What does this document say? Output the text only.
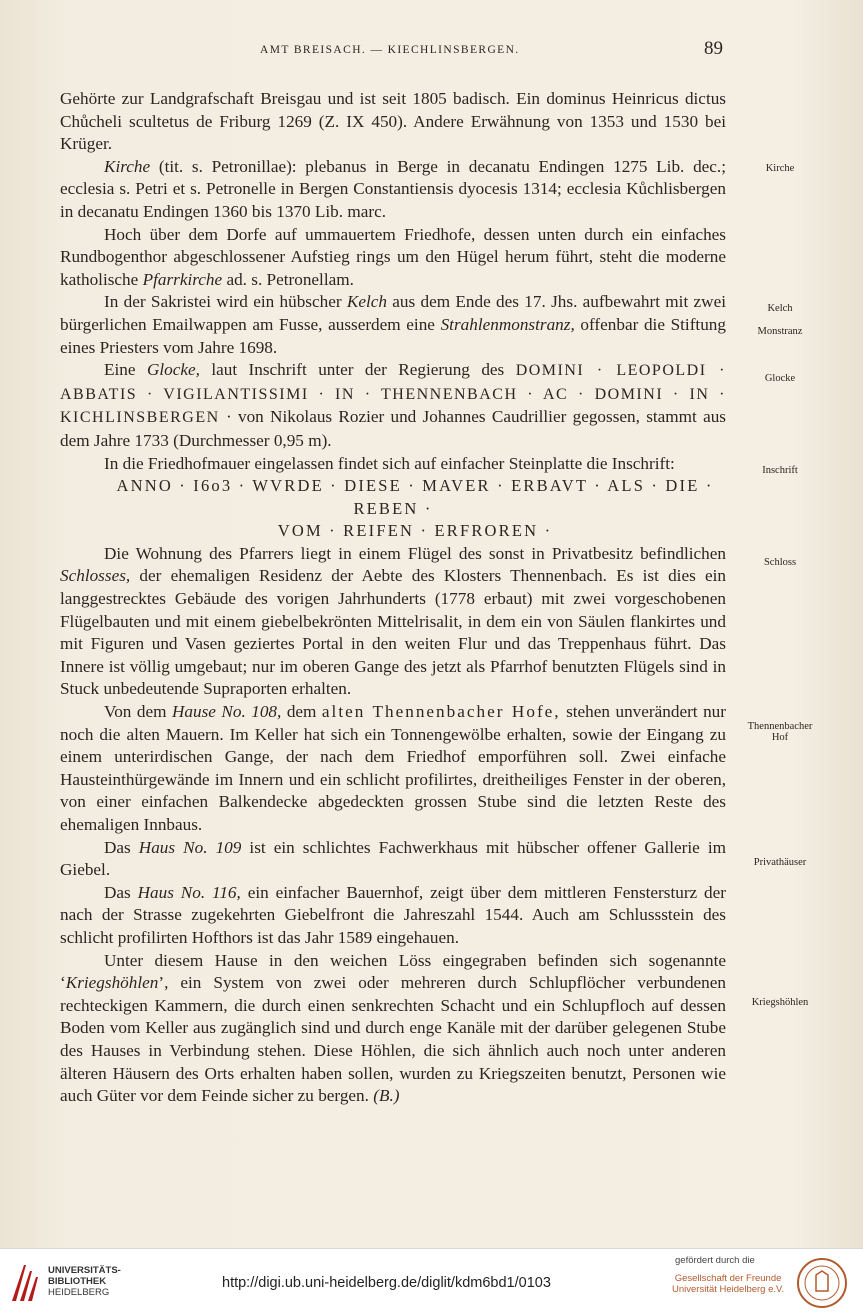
AMT BREISACH. — KIECHLINSBERGEN.	89

Gehörte zur Landgrafschaft Breisgau und ist seit 1805 badisch. Ein dominus Heinricus dictus Chůcheli scultetus de Friburg 1269 (Z. IX 450). Andere Erwähnung von 1353 und 1530 bei Krüger.

Kirche (tit. s. Petronillae): plebanus in Berge in decanatu Endingen 1275 Lib. dec.; ecclesia s. Petri et s. Petronelle in Bergen Constantiensis dyocesis 1314; ecclesia Kůchlisbergen in decanatu Endingen 1360 bis 1370 Lib. marc.

Hoch über dem Dorfe auf ummauertem Friedhofe, dessen unten durch ein einfaches Rundbogenthor abgeschlossener Aufstieg rings um den Hügel herum führt, steht die moderne katholische Pfarrkirche ad. s. Petronellam.

In der Sakristei wird ein hübscher Kelch aus dem Ende des 17. Jhs. aufbewahrt mit zwei bürgerlichen Emailwappen am Fusse, ausserdem eine Strahlenmonstranz, offenbar die Stiftung eines Priesters vom Jahre 1698.

Eine Glocke, laut Inschrift unter der Regierung des DOMINI · LEOPOLDI · ABBATIS · VIGILANTISSIMI · IN · THENNENBACH · AC · DOMINI · IN · KICHLINSBERGEN · von Nikolaus Rozier und Johannes Caudrillier gegossen, stammt aus dem Jahre 1733 (Durchmesser 0,95 m).

In die Friedhofmauer eingelassen findet sich auf einfacher Steinplatte die Inschrift:

ANNO · I6o3 · WVRDE · DIESE · MAVER · ERBAVT · ALS · DIE · REBEN ·

VOM · REIFEN · ERFROREN ·

Die Wohnung des Pfarrers liegt in einem Flügel des sonst in Privatbesitz befindlichen Schlosses, der ehemaligen Residenz der Aebte des Klosters Thennenbach. Es ist dies ein langgestrecktes Gebäude des vorigen Jahrhunderts (1778 erbaut) mit zwei vorgeschobenen Flügelbauten und mit einem giebelbekrönten Mittelrisalit, in dem ein von Säulen flankirtes und mit Figuren und Vasen geziertes Portal in den weiten Flur und das Treppenhaus führt. Das Innere ist völlig umgebaut; nur im oberen Gange des jetzt als Pfarrhof benutzten Flügels sind in Stuck unbedeutende Supraporten erhalten.

Von dem Hause No. 108, dem alten Thennenbacher Hofe, stehen unverändert nur noch die alten Mauern. Im Keller hat sich ein Tonnengewölbe erhalten, sowie der Eingang zu einem unterirdischen Gange, der nach dem Friedhof emporführen soll. Zwei einfache Hausteinthürgewände im Innern und ein schlicht profilirtes, dreitheiliges Fenster in der oberen, von einer einfachen Balkendecke abgedeckten grossen Stube sind die letzten Reste des ehemaligen Innbaus.

Das Haus No. 109 ist ein schlichtes Fachwerkhaus mit hübscher offener Gallerie im Giebel.

Das Haus No. 116, ein einfacher Bauernhof, zeigt über dem mittleren Fenstersturz der nach der Strasse zugekehrten Giebelfront die Jahreszahl 1544. Auch am Schlussstein des schlicht profilirten Hofthors ist das Jahr 1589 eingehauen.

Unter diesem Hause in den weichen Löss eingegraben befinden sich sogenannte ‘Kriegshöhlen’, ein System von zwei oder mehreren durch Schlupflöcher verbundenen rechteckigen Kammern, die durch einen senkrechten Schacht und ein Schlupfloch auf dessen Boden vom Keller aus zugänglich sind und durch enge Kanäle mit der darüber gelegenen Stube des Hauses in Verbindung stehen. Diese Höhlen, die sich ähnlich auch noch unter anderen älteren Häusern des Orts erhalten haben sollen, wurden zu Kriegszeiten benutzt, Personen wie auch Güter vor dem Feinde sicher zu bergen. (B.)

Kirche
Kelch
Monstranz
Glocke
Inschrift
Schloss
Thennenbacher Hof
Privathäuser
Kriegshöhlen
UNIVERSITÄTS-
BIBLIOTHEK
HEIDELBERG
http://digi.ub.uni-heidelberg.de/diglit/kdm6bd1/0103
gefördert durch die
Gesellschaft der Freunde
Universität Heidelberg e.V.
